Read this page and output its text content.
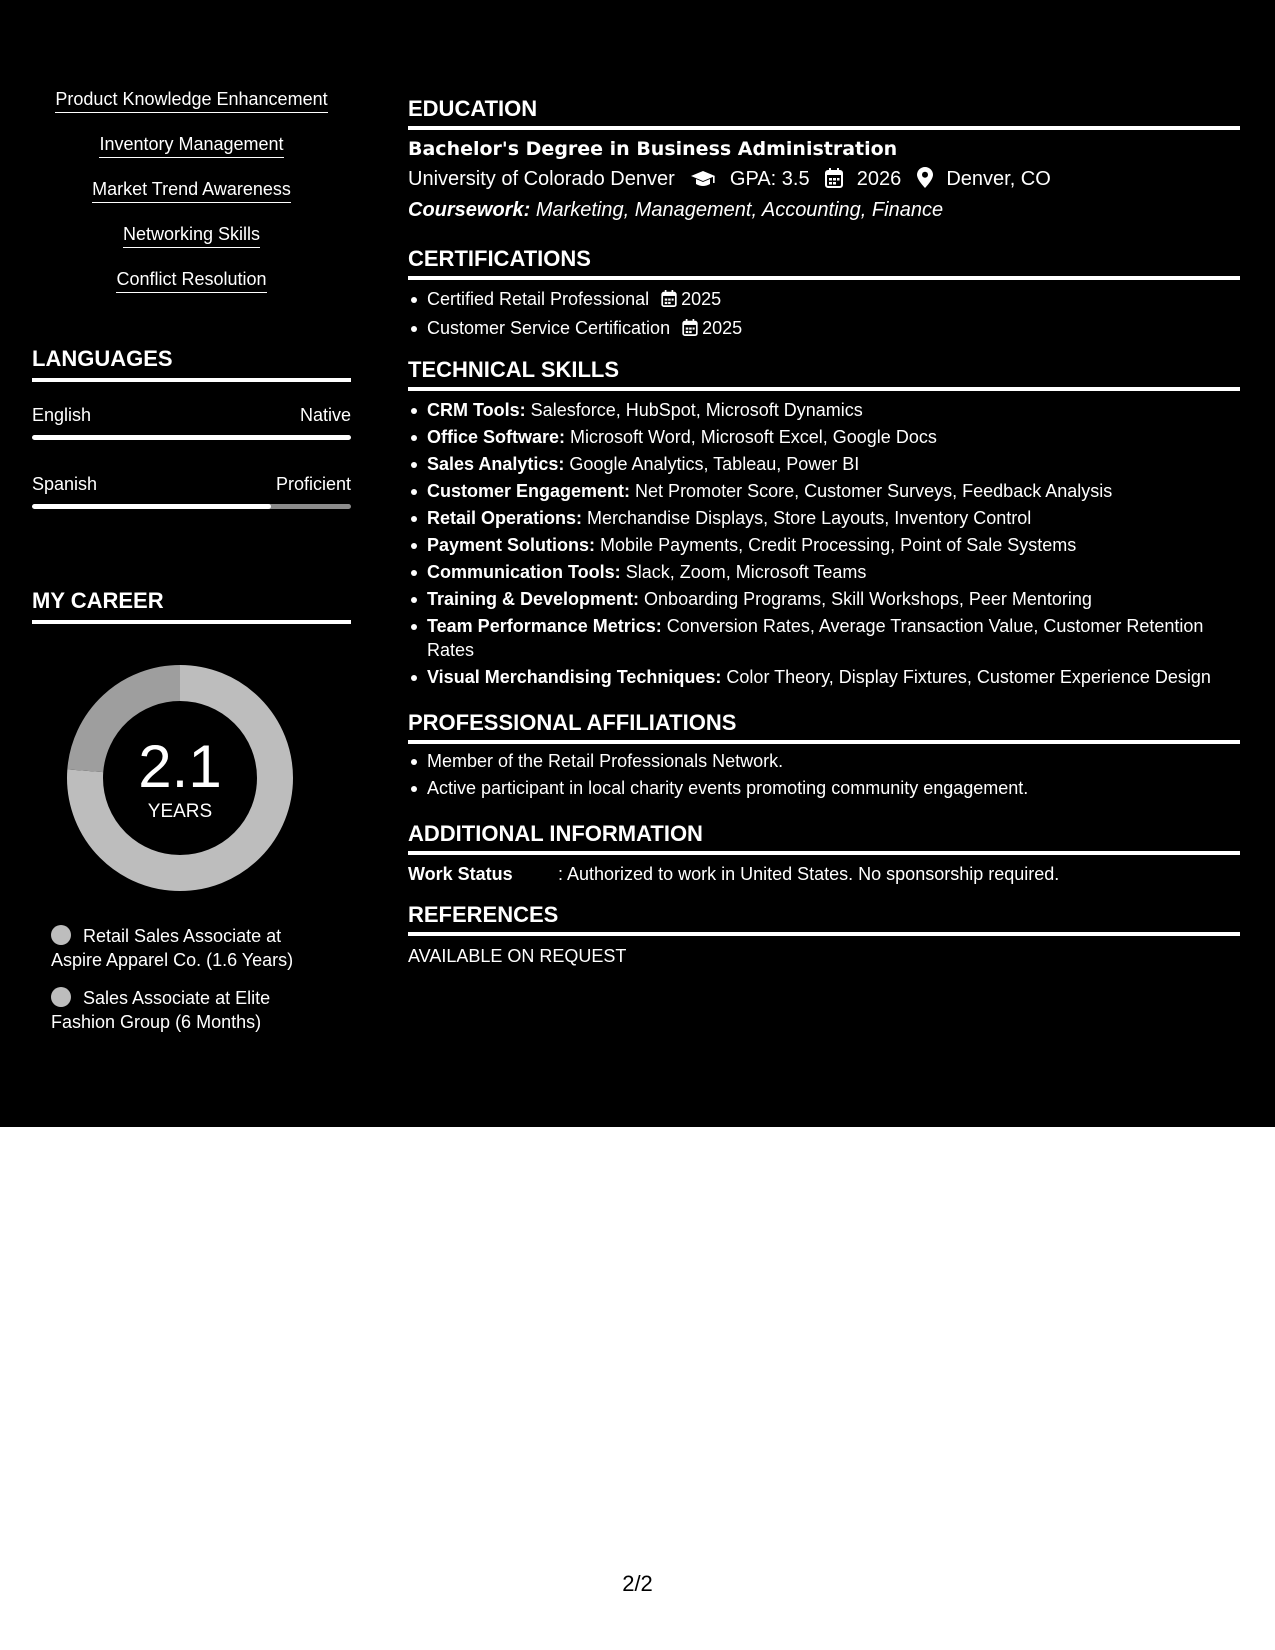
Product Knowledge Enhancement
Inventory Management
Market Trend Awareness
Networking Skills
Conflict Resolution
LANGUAGES
English	Native
Spanish	Proficient
MY CAREER
2.1
YEARS
Retail Sales Associate at Aspire Apparel Co. (1.6 Years)
Sales Associate at Elite Fashion Group (6 Months)
EDUCATION
Bachelor's Degree in Business Administration
University of Colorado Denver	GPA: 3.5 2026 Denver, CO
Coursework: Marketing, Management, Accounting, Finance
CERTIFICATIONS
Certified Retail Professional 2025
Customer Service Certification 2025
TECHNICAL SKILLS
CRM Tools: Salesforce, HubSpot, Microsoft Dynamics
Office Software: Microsoft Word, Microsoft Excel, Google Docs
Sales Analytics: Google Analytics, Tableau, Power BI
Customer Engagement: Net Promoter Score, Customer Surveys, Feedback Analysis
Retail Operations: Merchandise Displays, Store Layouts, Inventory Control
Payment Solutions: Mobile Payments, Credit Processing, Point of Sale Systems
Communication Tools: Slack, Zoom, Microsoft Teams
Training & Development: Onboarding Programs, Skill Workshops, Peer Mentoring
Team Performance Metrics: Conversion Rates, Average Transaction Value, Customer Retention Rates
Visual Merchandising Techniques: Color Theory, Display Fixtures, Customer Experience Design
PROFESSIONAL AFFILIATIONS
Member of the Retail Professionals Network.
Active participant in local charity events promoting community engagement.
ADDITIONAL INFORMATION
Work Status	: Authorized to work in United States. No sponsorship required.
REFERENCES
AVAILABLE ON REQUEST
2/2
